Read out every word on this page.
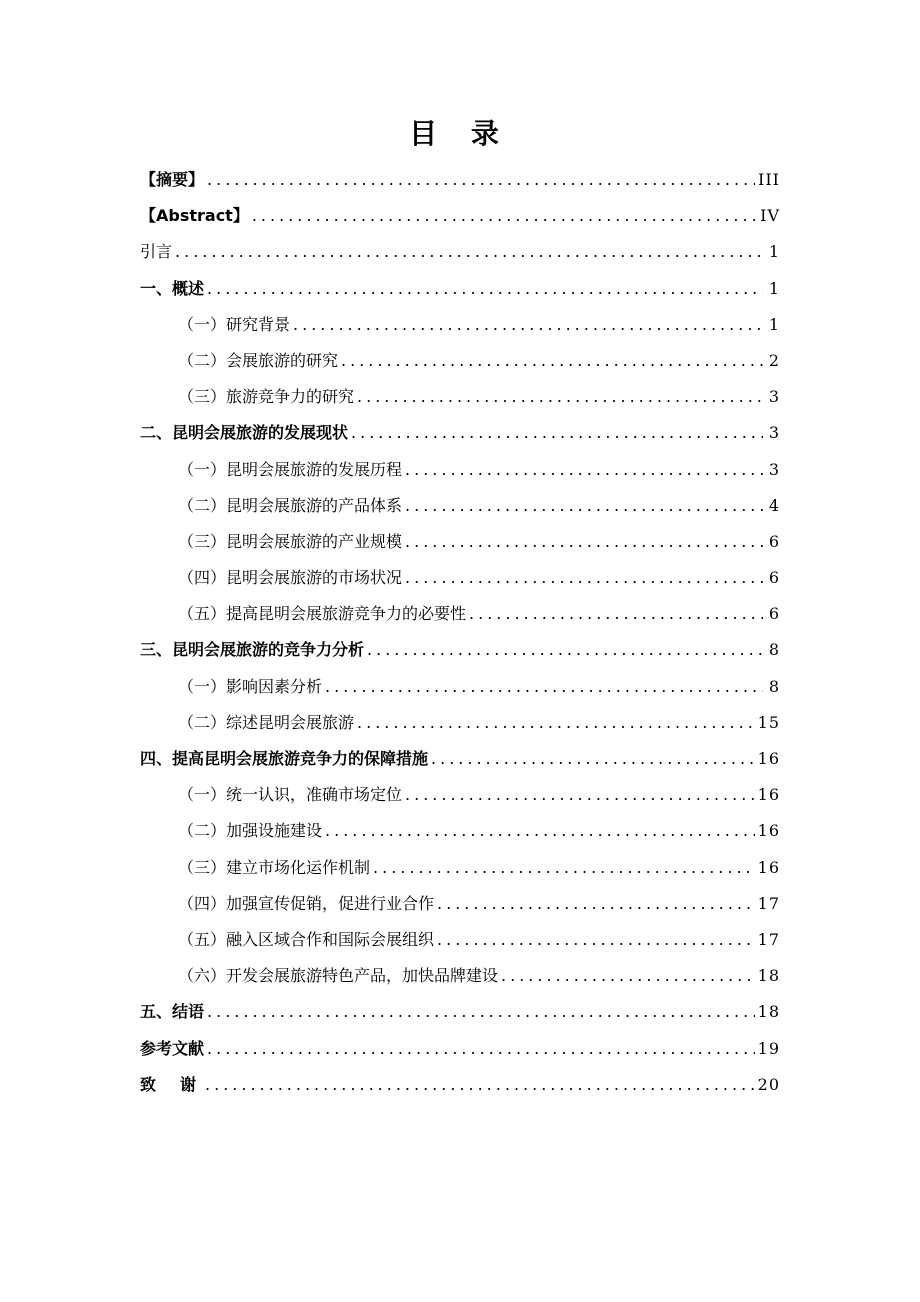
目 录
【摘要】 .....	III
【Abstract】 .....	IV
引言 .....	1
一、概述 .....	1
（一）研究背景 .....	1
（二）会展旅游的研究 .....	2
（三）旅游竞争力的研究 .....	3
二、昆明会展旅游的发展现状 .....	3
（一）昆明会展旅游的发展历程 .....	3
（二）昆明会展旅游的产品体系 .....	4
（三）昆明会展旅游的产业规模 .....	6
（四）昆明会展旅游的市场状况 .....	6
（五）提高昆明会展旅游竞争力的必要性 .....	6
三、昆明会展旅游的竞争力分析 .....	8
（一）影响因素分析 .....	8
（二）综述昆明会展旅游 .....	15
四、提高昆明会展旅游竞争力的保障措施 .....	16
（一）统一认识，准确市场定位 .....	16
（二）加强设施建设 .....	16
（三）建立市场化运作机制 .....	16
（四）加强宣传促销，促进行业合作 .....	17
（五）融入区域合作和国际会展组织 .....	17
（六）开发会展旅游特色产品，加快品牌建设 .....	18
五、结语 .....	18
参考文献 .....	19
致谢 .....	20
